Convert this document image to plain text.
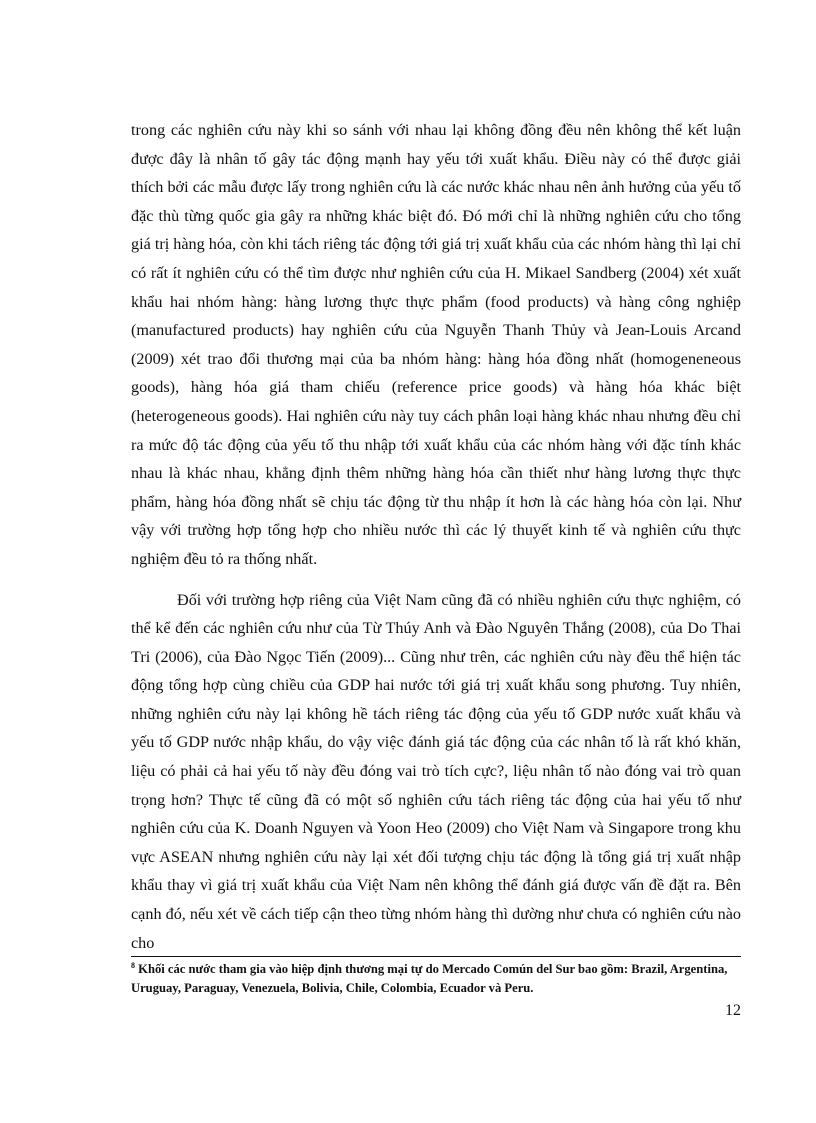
trong các nghiên cứu này khi so sánh với nhau lại không đồng đều nên không thể kết luận được đây là nhân tố gây tác động mạnh hay yếu tới xuất khẩu. Điều này có thể được giải thích bởi các mẫu được lấy trong nghiên cứu là các nước khác nhau nên ảnh hưởng của yếu tố đặc thù từng quốc gia gây ra những khác biệt đó. Đó mới chỉ là những nghiên cứu cho tổng giá trị hàng hóa, còn khi tách riêng tác động tới giá trị xuất khẩu của các nhóm hàng thì lại chỉ có rất ít nghiên cứu có thể tìm được như nghiên cứu của H. Mikael Sandberg (2004) xét xuất khẩu hai nhóm hàng: hàng lương thực thực phẩm (food products) và hàng công nghiệp (manufactured products) hay nghiên cứu của Nguyễn Thanh Thủy và Jean-Louis Arcand (2009) xét trao đổi thương mại của ba nhóm hàng: hàng hóa đồng nhất (homogeneneous goods), hàng hóa giá tham chiếu (reference price goods) và hàng hóa khác biệt (heterogeneous goods). Hai nghiên cứu này tuy cách phân loại hàng khác nhau nhưng đều chỉ ra mức độ tác động của yếu tố thu nhập tới xuất khẩu của các nhóm hàng với đặc tính khác nhau là khác nhau, khẳng định thêm những hàng hóa cần thiết như hàng lương thực thực phẩm, hàng hóa đồng nhất sẽ chịu tác động từ thu nhập ít hơn là các hàng hóa còn lại. Như vậy với trường hợp tổng hợp cho nhiều nước thì các lý thuyết kinh tế và nghiên cứu thực nghiệm đều tỏ ra thống nhất.

Đối với trường hợp riêng của Việt Nam cũng đã có nhiều nghiên cứu thực nghiệm, có thể kể đến các nghiên cứu như của Từ Thúy Anh và Đào Nguyên Thắng (2008), của Do Thai Tri (2006), của Đào Ngọc Tiến (2009)... Cũng như trên, các nghiên cứu này đều thể hiện tác động tổng hợp cùng chiều của GDP hai nước tới giá trị xuất khẩu song phương. Tuy nhiên, những nghiên cứu này lại không hề tách riêng tác động của yếu tố GDP nước xuất khẩu và yếu tố GDP nước nhập khẩu, do vậy việc đánh giá tác động của các nhân tố là rất khó khăn, liệu có phải cả hai yếu tố này đều đóng vai trò tích cực?, liệu nhân tố nào đóng vai trò quan trọng hơn? Thực tế cũng đã có một số nghiên cứu tách riêng tác động của hai yếu tố như nghiên cứu của K. Doanh Nguyen và Yoon Heo (2009) cho Việt Nam và Singapore trong khu vực ASEAN nhưng nghiên cứu này lại xét đối tượng chịu tác động là tổng giá trị xuất nhập khẩu thay vì giá trị xuất khẩu của Việt Nam nên không thể đánh giá được vấn đề đặt ra. Bên cạnh đó, nếu xét về cách tiếp cận theo từng nhóm hàng thì dường như chưa có nghiên cứu nào cho

$^8$ Khối các nước tham gia vào hiệp định thương mại tự do Mercado Común del Sur bao gồm: Brazil, Argentina, Uruguay, Paraguay, Venezuela, Bolivia, Chile, Colombia, Ecuador và Peru.

12
